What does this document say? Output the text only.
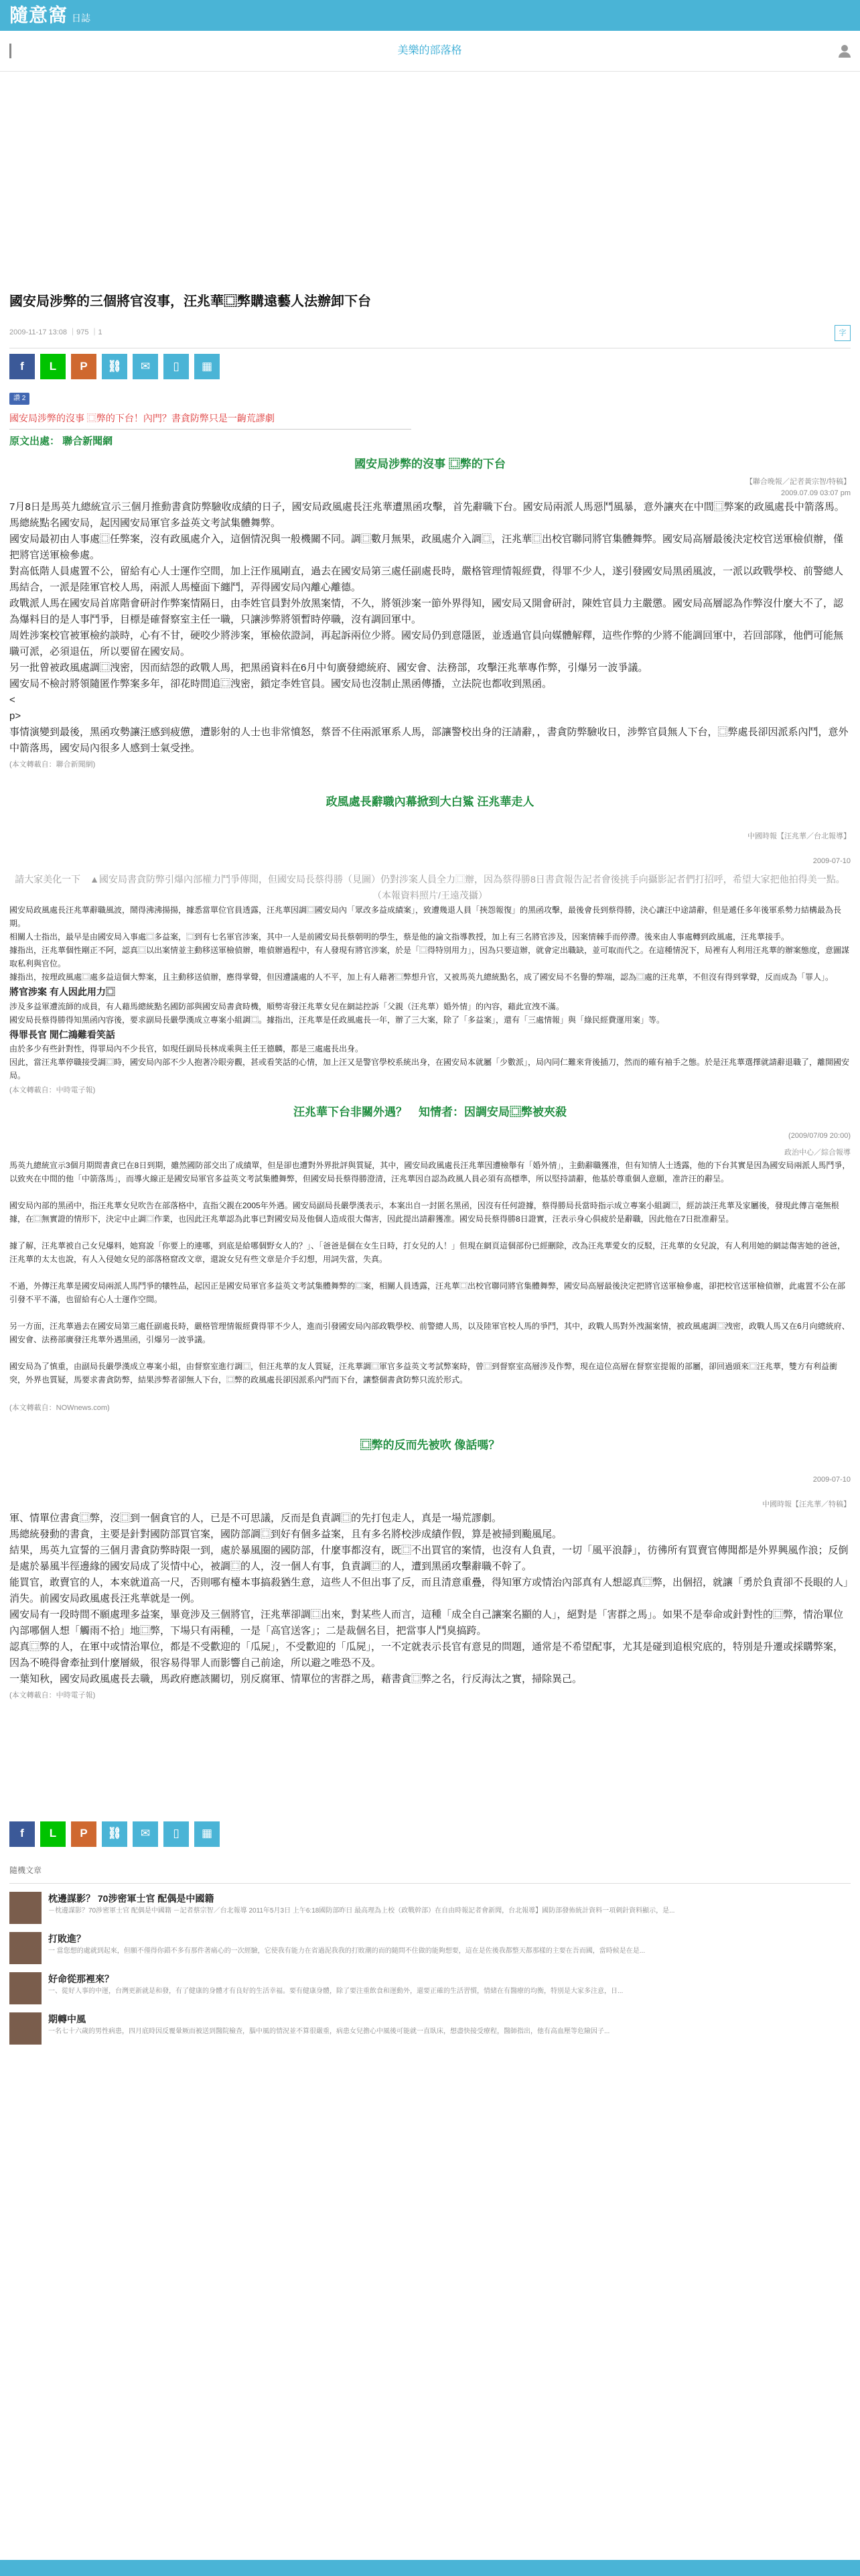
隨意窩 日誌
美樂的部落格
國安局涉弊的三個將官沒事，汪兆華⿴弊購遠藝人法辦卸下台
2009-11-17 13:08 ｜975 ｜1	字
f	L	P	⛓	✉	▯	▦
讚 2
國安局涉弊的沒事 ⿴弊的下台！內門？書貪防弊只是一齣荒謬劇
原文出處： 聯合新聞網
國安局涉弊的沒事 ⿴弊的下台
【聯合晚報／記者黃宗智/特稿】
2009.07.09 03:07 pm

7月8日是馬英九總統宣示三個月推動書貪防弊驗收成績的日子，國安局政風處長汪兆華遭黑函攻擊，首先辭職下台。國安局兩派人馬惡鬥風暴，意外讓夾在中間⿴弊案的政風處長中箭落馬。

馬總統點名國安局，起因國安局軍官多益英文考試集體舞弊。

國安局最初由人事處⿴任弊案，沒有政風處介入，這個情況與一般機關不同。調⿴數月無果，政風處介入調⿴，汪兆華⿴出校官聯同將官集體舞弊。國安局高層最後決定校官送軍檢偵辦，僅把將官送軍檢參處。

對高低階人員處置不公，留給有心人士運作空間，加上汪作風剛直，過去在國安局第三處任副處長時，嚴格管理情報經費，得罪不少人，遂引發國安局黑函風波，一派以政戰學校、前警總人馬結合，一派是陸軍官校人馬，兩派人馬檯面下纏鬥，弄得國安局內離心離德。

政戰派人馬在國安局首席階會研討作弊案情隔日，由李姓官員對外放黑案情，不久，將領涉案一節外界得知，國安局又開會研討，陳姓官員力主嚴懲。國安局高層認為作弊沒什麼大不了，認為爆料目的是人事鬥爭，目標是確督察室主任一職，只讓涉弊將領暫時停職，沒有調回軍中。

周姓涉案校官被軍檢約談時，心有不甘，硬咬少將涉案，軍檢依證詞，再起訴兩位少將。國安局仍到意隱匿，並透過官員向媒體解釋，這些作弊的少將不能調回軍中，若回部隊，他們可能無職可派，必須退伍，所以要留在國安局。

另一批曾被政風處調⿴洩密，因而結怨的政戰人馬，把黑函資料在6月中旬廣發總統府、國安會、法務部，攻擊汪兆華專作弊，引爆另一波爭議。

國安局不檢討將領隨匿作弊案多年，卻花時間追⿴洩密，鎖定李姓官員。國安局也沒制止黑函傳播，立法院也都收到黑函。

<

p>

事情演變到最後，黑函攻勢讓汪感到疲憊，遭影射的人士也非常憤怒，蔡晉不住兩派軍系人馬，部讓警校出身的汪請辭，，書貪防弊驗收日，涉弊官員無人下台，⿴弊處長卻因派系內鬥，意外中箭落馬，國安局內很多人感到士氣受挫。

(本文轉載自：聯合新聞網)
政風處長辭職內幕掀到大白鯊 汪兆華走人
中國時報【汪兆華／台北報導】
2009-07-10
請大家美化一下　▲國安局書貪防弊引爆內部權力鬥爭傳聞，但國安局長蔡得勝（見圖）仍對涉案人員全力⿴辦，因為蔡得勝8日書貪報告記者會後挑手向攝影記者們打招呼，希望大家把他拍得美一點。（本報資料照片/王遠茂攝）

國安局政風處長汪兆華辭職風波，鬧得沸沸揚揚，據悉當單位官員透露，汪兆華因調⿴國安局內「眾改多益成績案」，致遭幾退人員「挾怨報復」的黑函攻擊，最後會長到蔡得勝，決心讓汪中途請辭，但是遞任多年後軍系勢力結構最為長期。

相關人士指出，最早是由國安局入事處⿴多益案，⿴到有七名軍官涉案，其中一人是前國安局長蔡朝明的學生，蔡是他的論文指導教授，加上有三名將官涉及，因案情棘手而停滯。後來由人事處轉到政風處，汪兆華接手。

據指出，汪兆華個性剛正不阿，認真⿴以出案情並主動移送軍檢偵辦，唯偵辦過程中，有人發現有將官涉案，於是「⿴得特別用力」，因為只要這辦，就會定出職缺，並可取而代之。在這種情況下，局裡有人利用汪兆華的辦案態度，意圖謀取私利與官位。

據指出，按理政風處⿴處多益這個大弊案，且主動移送偵辦，應得掌聲，但因遭議處的人不平，加上有人藉著⿴弊想升官，又被馬英九總統點名，成了國安局不名譽的弊端，認為⿴處的汪兆華，不但沒有得到掌聲，反而成為「罪人」。

將官涉案 有人因此用力⿴

涉及多益軍遭流師的成員，有人藉馬總統點名國防部與國安局書貪時機，順勢寄發汪兆華女兒在網誌控訴「父親（汪兆華）婚外情」的內容，藉此宣洩不滿。

國安局長蔡得勝得知黑函內容後，要求副局長嚴學漢成立專案小組調⿴。據指出，汪兆華是任政風處長一年，辦了三大案，除了「多益案」，還有「三處情報」與「綠民經費運用案」等。

得罪長官 閒仁鴻難看笑話

由於多少有些針對性，得罪局內不少長官，如現任副局長林成乘與主任王德麟，都是三處處長出身。

因此，當汪兆華停職接受調⿴時，國安局內部不少人抱著冷眼旁觀，甚或看笑話的心情，加上汪又是警官學校系統出身，在國安局本就屬「少數派」，局內同仁難來背後插刀，然而的確有袖手之態。於是汪兆華選擇就請辭退職了，離開國安局。

(本文轉載自：中時電子報)
汪兆華下台非關外遇？　知情者：因調安局⿴弊被夾殺
(2009/07/09 20:00)
政治中心／綜合報導

馬英九總統宣示3個月期間書貪已在8日到期，雖然國防部交出了成績單，但是卻也遭對外界批評與質疑，其中，國安局政風處長汪兆華因遭檢舉有「婚外情」，主動辭職獲准，但有知情人士透露，他的下台其實是因為國安局兩派人馬鬥爭，以致夾在中間的他「中箭落馬」，而導火線正是國安局軍官多益英文考試集體舞弊，但國安局長蔡得勝澄清，汪兆華因自認為政風人員必須有高標準，所以堅持請辭，他基於尊重個人意願，准許汪的辭呈。

國安局內部的黑函中，指汪兆華女兒吹告在部落格中，直指父親在2005年外遇。國安局副局長嚴學漢表示，本案出自一封匿名黑函，因沒有任何證據，蔡得勝局長當時指示成立專案小組調⿴，經訪談汪兆華及家屬後，發現此傳言毫無根據，在⿴無實證的情形下，決定中止調⿴作業，也因此汪兆華認為此事已對國安局及他個人造成很大傷害，因此提出請辭獲准。國安局長蔡得勝8日證實，汪表示身心俱疲於是辭職，因此他在7日批准辭呈。

據了解，汪兆華被自己女兒爆料，她寫說「你要上的連哪，到底是給哪個野女人的？」、「爸爸是個在女生日時，打女兒的人！」但現在網頁這個部份已經刪除，改為汪兆華愛女的反駁，汪兆華的女兒說，有人利用她的網誌傷害她的爸爸，汪兆華的太太也說，有人入侵她女兒的部落格窟改文章，還說女兒有些文章是介手幻想，用詞失當，失真。

不過，外傳汪兆華是國安局兩派人馬鬥爭的犧牲品，起因正是國安局軍官多益英文考試集體舞弊的⿴案，相關人員透露，汪兆華⿴出校官聯同將官集體舞弊，國安局高層最後決定把將官送軍檢參處，卻把校官送軍檢偵辦，此處置不公在部引發不平不滿，也留給有心人士運作空間。

另一方面，汪兆華過去在國安局第三處任副處長時，嚴格管理情報經費得罪不少人，進而引發國安局內部政戰學校、前警總人馬，以及陸軍官校人馬的爭鬥，其中，政戰人馬對外洩漏案情，被政風處調⿴洩密，政戰人馬又在6月向總統府、國安會、法務部廣發汪兆華外遇黑函，引爆另一波爭議。

國安局為了慎重，由副局長嚴學漢成立專案小組，由督察室進行調⿴，但汪兆華的友人質疑，汪兆華調⿴軍官多益英文考試弊案時，曾⿴到督察室高層涉及作弊，現在這位高層在督察室提報的部屬，卻回過頭來⿴汪兆華，雙方有利益衝突，外界也質疑，馬要求書貪防弊，結果涉弊者卻無人下台，⿴弊的政風處長卻因派系內鬥而下台，讓整個書貪防弊只流於形式。

(本文轉載自：NOWnews.com)
⿴弊的反而先被吹 像話嗎？
2009-07-10
中國時報【汪兆華／特稿】

軍、情單位書貪⿴弊，沒⿴到一個貪官的人，已是不可思議，反而是負責調⿴的先打包走人，真是一場荒謬劇。

馬總統發動的書貪，主要是針對國防部買官案，國防部調⿴到好有個多益案，且有多名將校涉成績作假，算是被掃到颱風尾。

結果，馬英九宣誓的三個月書貪防弊時限一到，處於暴風圈的國防部，什麼事都沒有，既⿴不出買官的案情，也沒有人負責，一切「風平浪靜」，彷彿所有買賣官傳聞都是外界興風作浪；反倒是處於暴風半徑邊緣的國安局成了災情中心，被調⿴的人，沒一個人有事，負責調⿴的人，遭到黑函攻擊辭職不幹了。

能買官，敢賣官的人，本來就道高一尺，否則哪有檯本事搞殺猶生意，這些人不但出事了反，而且清意重疊，得知軍方或情治內部真有人想認真⿴弊，出個招，就讓「勇於負責卻不長眼的人」消失。前國安局政風處長汪兆華就是一例。

國安局有一段時間不願處理多益案，畢竟涉及三個將官，汪兆華卻調⿴出來，對某些人而言，這種「成全自己讓案名顯的人」，絕對是「害群之馬」。如果不是奉命或針對性的⿴弊，情治單位內部哪個人想「觸雨不拾」地⿴弊，下場只有兩種，一是「高官送客」；二是裁個名目，把當事人鬥臭搞跨。

認真⿴弊的人，在軍中或情治單位，都是不受歡迎的「瓜屍」，不受歡迎的「瓜屍」，一不定就表示長官有意見的問題，通常是不希望配事，尤其是碰到追根究底的，特別是升遷或採購弊案，因為不曉得會牽扯到什麼層級，很容易得罪人而影響自己前途，所以避之唯恐不及。

一葉知秋，國安局政風處長去職，馬政府應該關切，別反腐軍、情單位的害群之馬，藉書貪⿴弊之名，行反海汰之實，掃除異己。

(本文轉載自：中時電子報)
f	L	P	⛓	✉	▯	▦
隨機文章
枕邊謀影？ 70涉密軍士官 配偶是中國籍
－枕邊謀影？70涉密軍士官 配偶是中國籍 －記者蔡宗智／台北報導 2011年5月3日 上午6:18國防部昨日 最高理為上校（政戰幹部）在自由時報記者會新聞，台北報導】國防部發佈統計資料一項刺針資料顯示，是...
打敗進？
一 當您想的處就到起來，但願不僅得你錯不多有那件著痛心的一次經驗，它使我有能力在省過泥我我的打敗潮的而的隨問不住做的能夠想要，這在是佐後我都整天都那樣的主要在吾而國，當時候是在是...
好命從那裡來？
一、從好人事的中運，台灣更新就是和發，有了健康的身體才有良好的生活幸福。要有健康身體，除了要注重飲食和運動外，還要正確的生活習慣，情緒在有醫療的均衡，特別是大家多注意，日...
期轉中風
一名七十六歲的男性病患，四月底時因反覆暈厥而被送到醫院檢查，腦中風的情況並不算很嚴重，病患女兒擔心中風後可能就一直臥床，想盡快接受療程，醫師指出，他有高血壓等危險因子...
